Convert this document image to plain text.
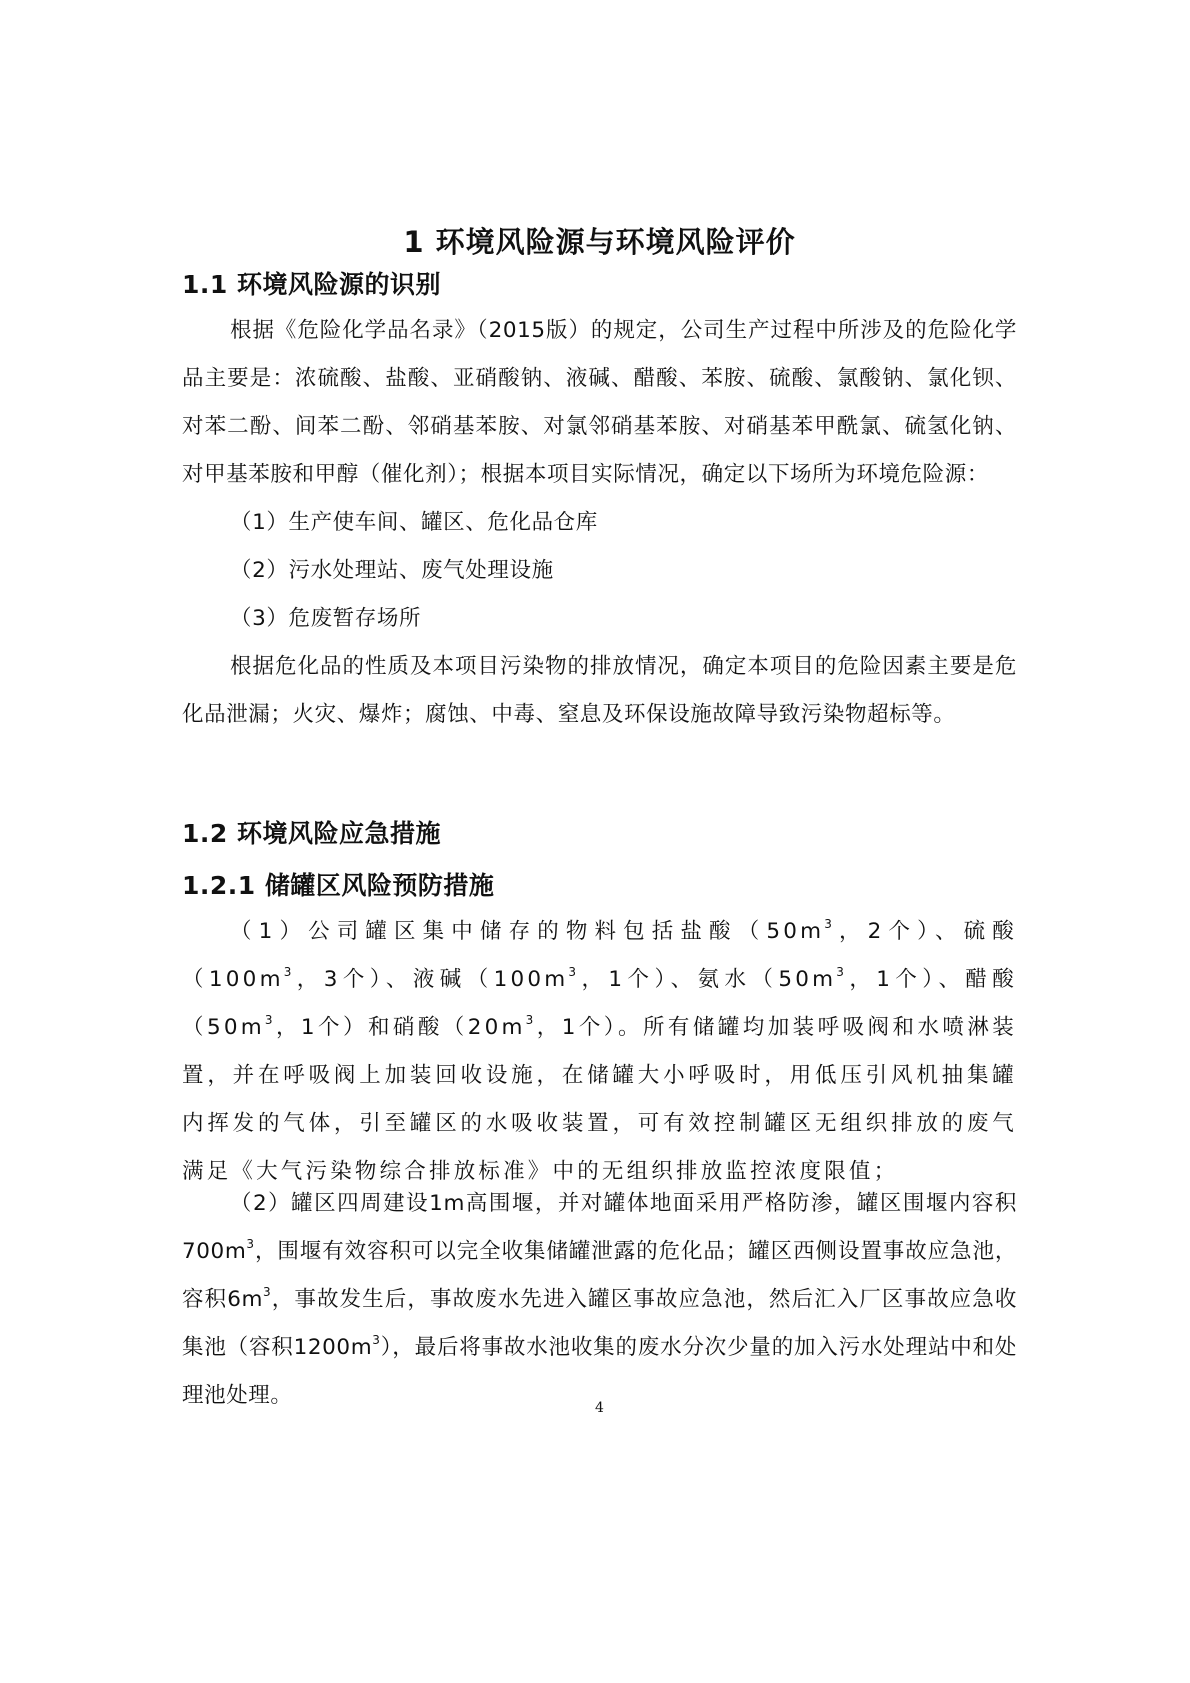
1 环境风险源与环境风险评价
1.1 环境风险源的识别

根据《危险化学品名录》（2015版）的规定，公司生产过程中所涉及的危险化学品主要是：浓硫酸、盐酸、亚硝酸钠、液碱、醋酸、苯胺、硫酸、氯酸钠、氯化钡、对苯二酚、间苯二酚、邻硝基苯胺、对氯邻硝基苯胺、对硝基苯甲酰氯、硫氢化钠、对甲基苯胺和甲醇（催化剂）；根据本项目实际情况，确定以下场所为环境危险源：

（1）生产使车间、罐区、危化品仓库
（2）污水处理站、废气处理设施
（3）危废暂存场所

根据危化品的性质及本项目污染物的排放情况，确定本项目的危险因素主要是危化品泄漏；火灾、爆炸；腐蚀、中毒、窒息及环保设施故障导致污染物超标等。

1.2 环境风险应急措施
1.2.1 储罐区风险预防措施

（1）公司罐区集中储存的物料包括盐酸（$50m^3$，2个）、硫酸（$100m^3$，3个）、液碱（$100m^3$，1个）、氨水（$50m^3$，1个）、醋酸（$50m^3$，1个）和硝酸（$20m^3$，1个）。所有储罐均加装呼吸阀和水喷淋装置，并在呼吸阀上加装回收设施，在储罐大小呼吸时，用低压引风机抽集罐内挥发的气体，引至罐区的水吸收装置，可有效控制罐区无组织排放的废气满足《大气污染物综合排放标准》中的无组织排放监控浓度限值；

（2）罐区四周建设1m高围堰，并对罐体地面采用严格防渗，罐区围堰内容积$700m^3$，围堰有效容积可以完全收集储罐泄露的危化品；罐区西侧设置事故应急池，容积$6m^3$，事故发生后，事故废水先进入罐区事故应急池，然后汇入厂区事故应急收集池（容积$1200m^3$），最后将事故水池收集的废水分次少量的加入污水处理站中和处理池处理。	4
